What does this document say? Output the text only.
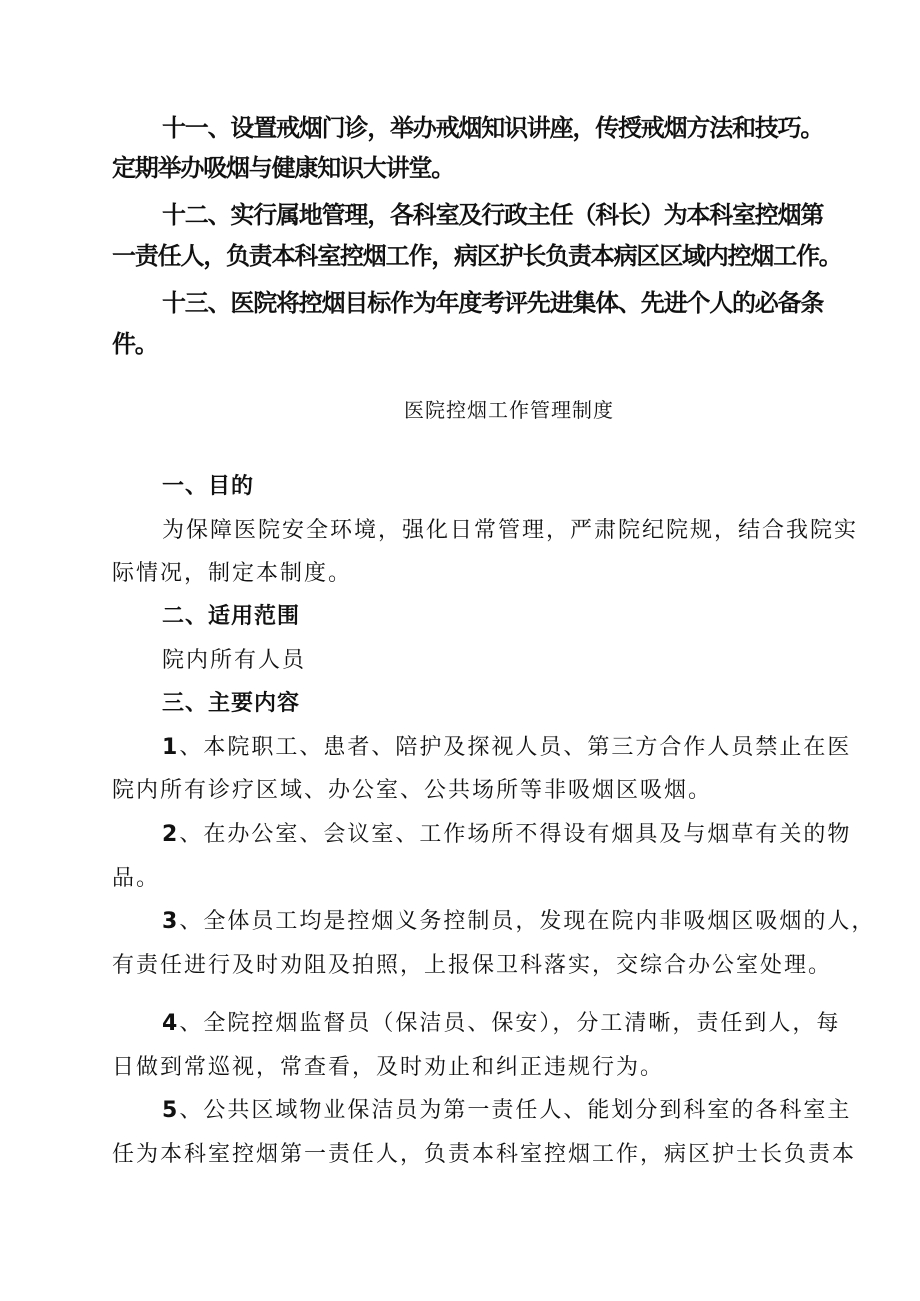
十一、设置戒烟门诊，举办戒烟知识讲座，传授戒烟方法和技巧。
定期举办吸烟与健康知识大讲堂。
十二、实行属地管理，各科室及行政主任（科长）为本科室控烟第
一责任人，负责本科室控烟工作，病区护长负责本病区区域内控烟工作。
十三、医院将控烟目标作为年度考评先进集体、先进个人的必备条
件。
医院控烟工作管理制度
一、目的
为保障医院安全环境，强化日常管理，严肃院纪院规，结合我院实
际情况，制定本制度。
二、适用范围
院内所有人员
三、主要内容
1、本院职工、患者、陪护及探视人员、第三方合作人员禁止在医
院内所有诊疗区域、办公室、公共场所等非吸烟区吸烟。
2、在办公室、会议室、工作场所不得设有烟具及与烟草有关的物
品。
3、全体员工均是控烟义务控制员，发现在院内非吸烟区吸烟的人，
有责任进行及时劝阻及拍照，上报保卫科落实，交综合办公室处理。
4、全院控烟监督员（保洁员、保安），分工清晰，责任到人，每
日做到常巡视，常查看，及时劝止和纠正违规行为。
5、公共区域物业保洁员为第一责任人、能划分到科室的各科室主
任为本科室控烟第一责任人，负责本科室控烟工作，病区护士长负责本
